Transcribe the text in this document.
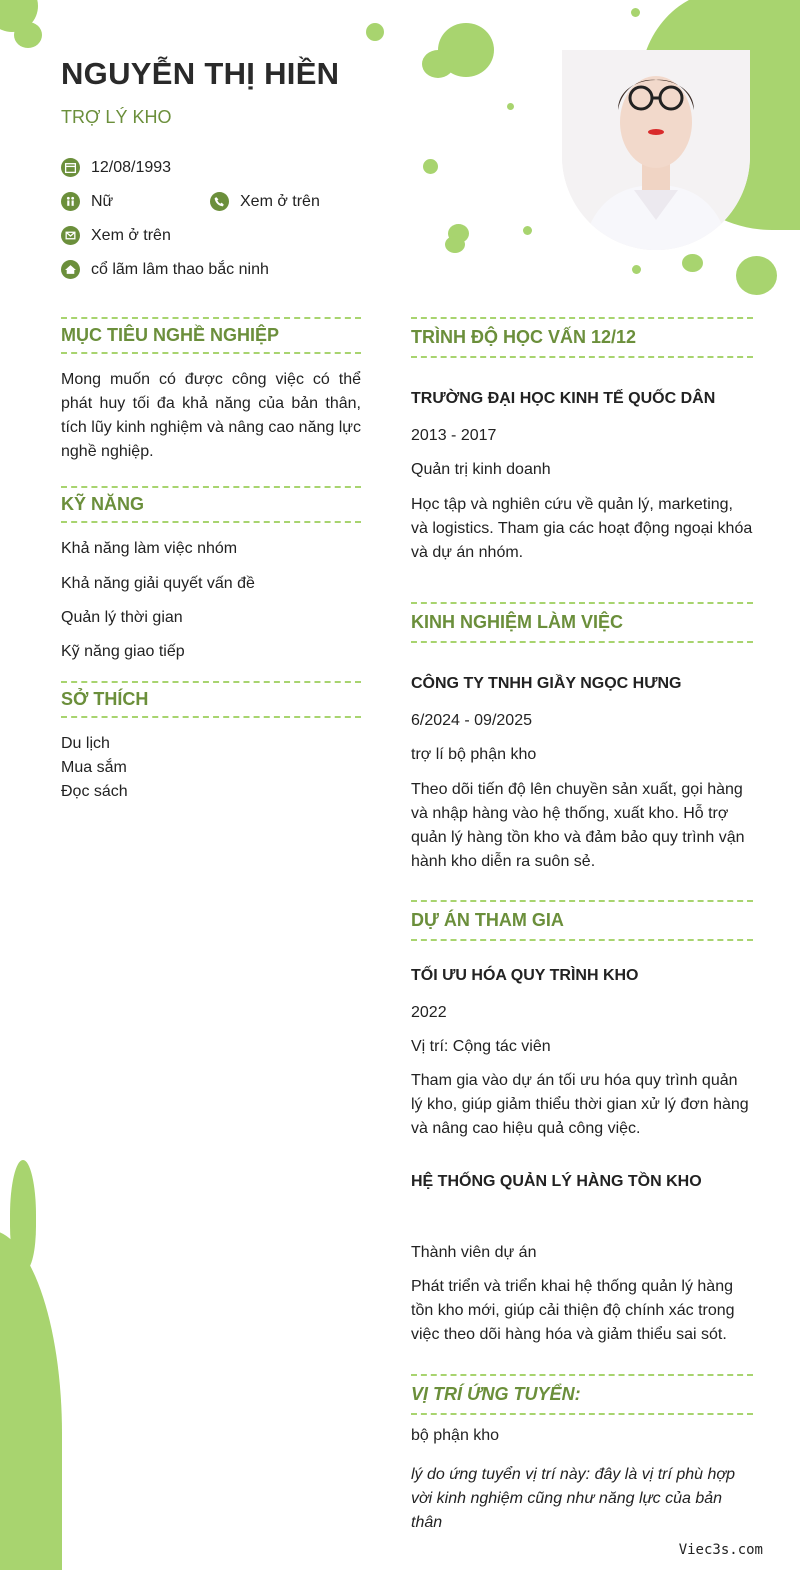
NGUYỄN THỊ HIỀN
TRỢ LÝ KHO
12/08/1993
Nữ	Xem ở trên
Xem ở trên
cổ lãm lâm thao bắc ninh
MỤC TIÊU NGHỀ NGHIỆP
Mong muốn có được công việc có thể phát huy tối đa khả năng của bản thân, tích lũy kinh nghiệm và nâng cao năng lực nghề nghiệp.
KỸ NĂNG
Khả năng làm việc nhóm
Khả năng giải quyết vấn đề
Quản lý thời gian
Kỹ năng giao tiếp
SỞ THÍCH
Du lịch
Mua sắm
Đọc sách
TRÌNH ĐỘ HỌC VẤN 12/12
TRƯỜNG ĐẠI HỌC KINH TẾ QUỐC DÂN
2013 - 2017
Quản trị kinh doanh
Học tập và nghiên cứu về quản lý, marketing, và logistics. Tham gia các hoạt động ngoại khóa và dự án nhóm.
KINH NGHIỆM LÀM VIỆC
CÔNG TY TNHH GIẦY NGỌC HƯNG
6/2024 - 09/2025
trợ lí bộ phận kho
Theo dõi tiến độ lên chuyền sản xuất, gọi hàng và nhập hàng vào hệ thống, xuất kho. Hỗ trợ quản lý hàng tồn kho và đảm bảo quy trình vận hành kho diễn ra suôn sẻ.
DỰ ÁN THAM GIA
TỐI ƯU HÓA QUY TRÌNH KHO
2022
Vị trí: Cộng tác viên
Tham gia vào dự án tối ưu hóa quy trình quản lý kho, giúp giảm thiểu thời gian xử lý đơn hàng và nâng cao hiệu quả công việc.
HỆ THỐNG QUẢN LÝ HÀNG TỒN KHO
Thành viên dự án
Phát triển và triển khai hệ thống quản lý hàng tồn kho mới, giúp cải thiện độ chính xác trong việc theo dõi hàng hóa và giảm thiểu sai sót.
VỊ TRÍ ỨNG TUYỂN:
bộ phận kho
lý do ứng tuyển vị trí này: đây là vị trí phù hợp vời kinh nghiệm cũng như năng lực của bản thân
Viec3s.com
